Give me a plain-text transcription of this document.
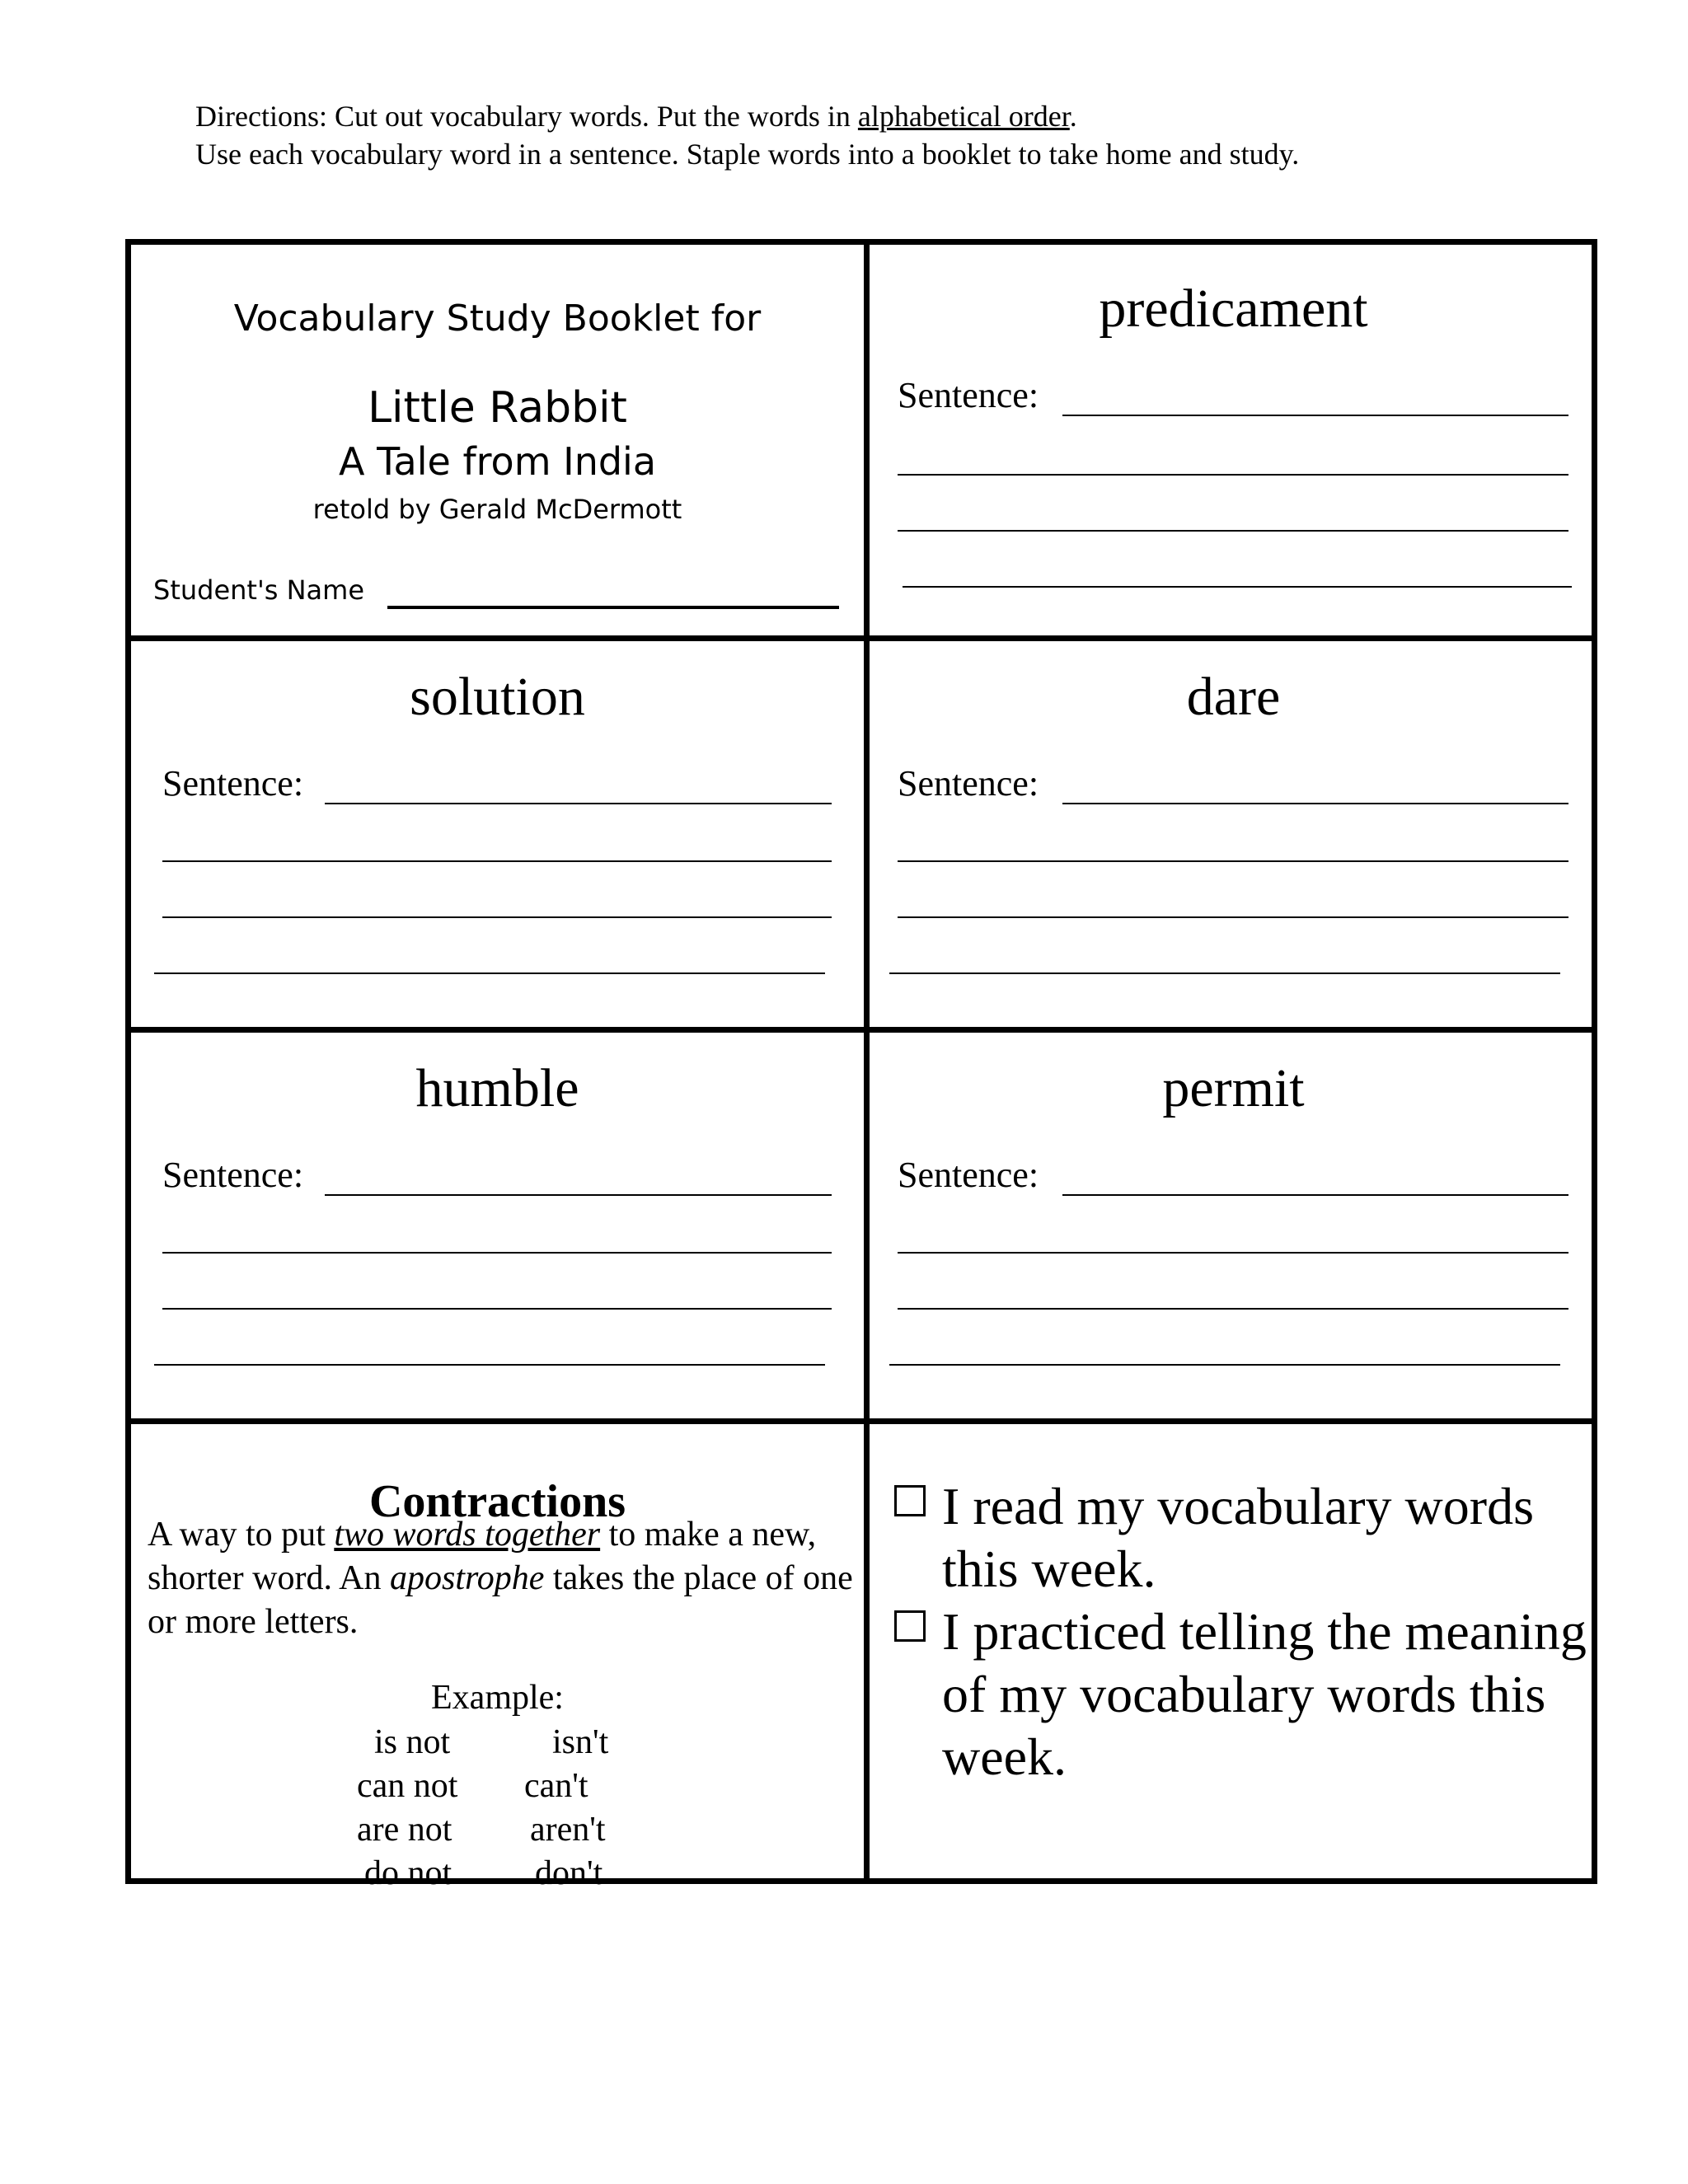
Directions: Cut out vocabulary words. Put the words in alphabetical order.
Use each vocabulary word in a sentence. Staple words into a booklet to take home and study.
Vocabulary Study Booklet for
Little Rabbit
A Tale from India
retold by Gerald McDermott
Student's Name
predicament
Sentence:
solution
Sentence:
dare
Sentence:
humble
Sentence:
permit
Sentence:
Contractions
A way to put two words together to make a new, shorter word. An apostrophe takes the place of one or more letters.
Example:
is not	isn't
can not can't
are not aren't
do not don't
I read my vocabulary words this week.
I practiced telling the meaning of my vocabulary words this week.
